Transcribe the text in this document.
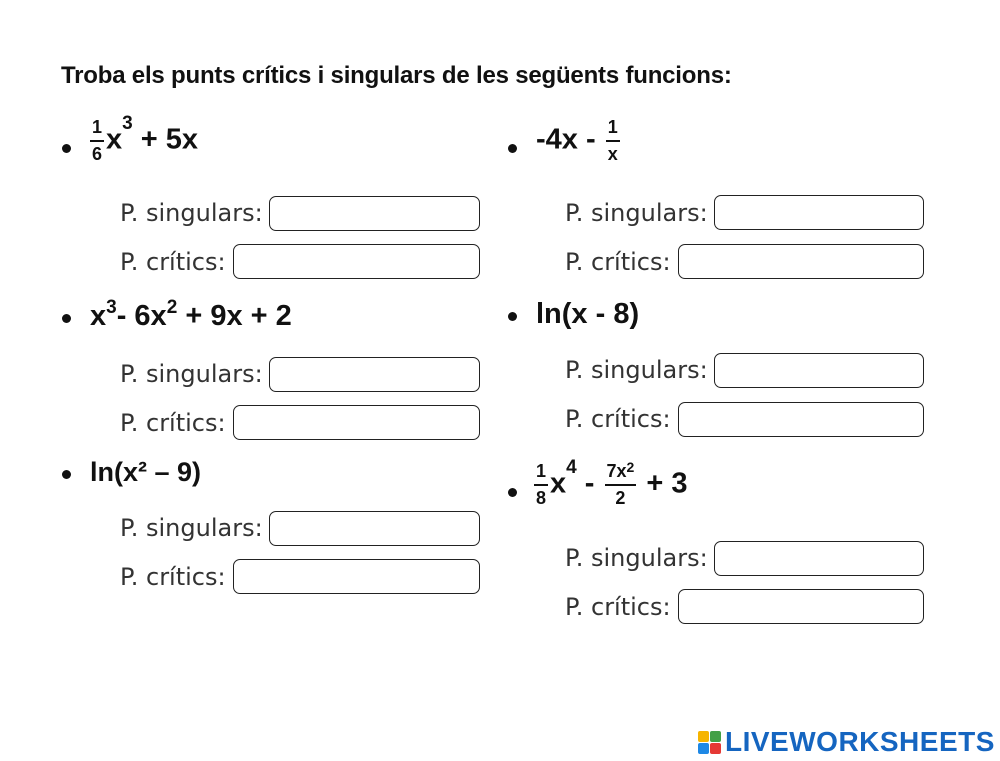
Troba els punts crítics i singulars de les següents funcions:
$\frac{1}{6} x^3 + 5x$
P. singulars:
P. crítics:
$-4x - \frac{1}{x}$
P. singulars:
P. crítics:
$x^3-$ $6x^2 + 9x + 2$
P. singulars:
P. crítics:
ln(x - 8)
P. singulars:
P. crítics:
ln(x² – 9)
P. singulars:
P. crítics:
$\frac{1}{8} x^4 - \frac{7x^2}{2} + 3$
P. singulars:
P. crítics:
LIVEWORKSHEETS
